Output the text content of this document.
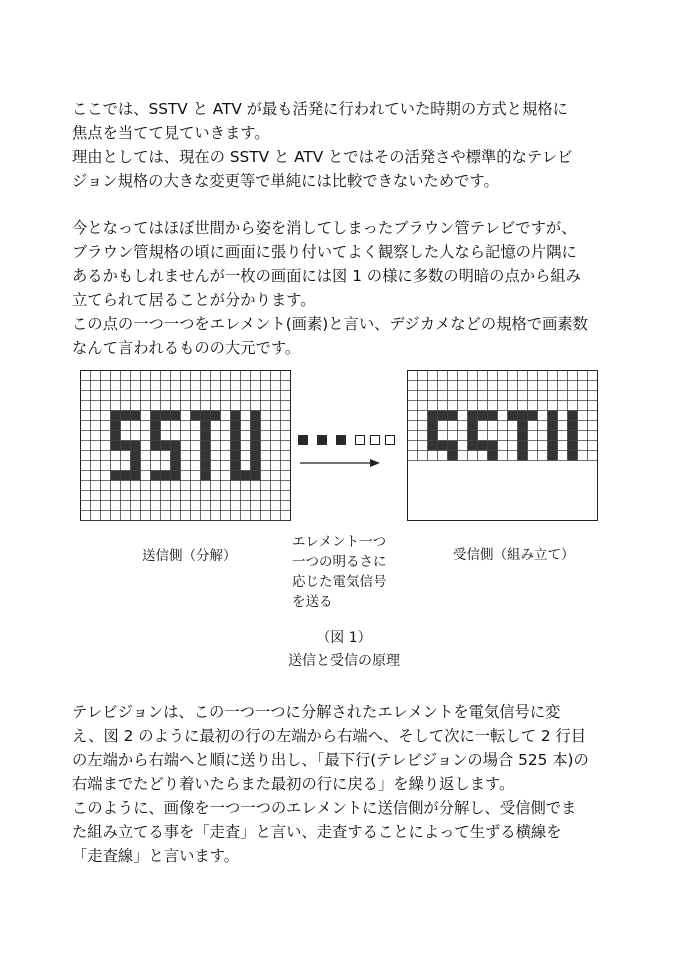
ここでは、SSTV と ATV が最も活発に行われていた時期の方式と規格に
焦点を当てて見ていきます。
理由としては、現在の SSTV と ATV とではその活発さや標準的なテレビ
ジョン規格の大きな変更等で単純には比較できないためです。
今となってはほぼ世間から姿を消してしまったブラウン管テレビですが、
ブラウン管規格の頃に画面に張り付いてよく観察した人なら記憶の片隅に
あるかもしれませんが一枚の画面には図 1 の様に多数の明暗の点から組み
立てられて居ることが分かります。
この点の一つ一つをエレメント(画素)と言い、デジカメなどの規格で画素数
なんて言われるものの大元です。
送信側（分解）
エレメント一つ
一つの明るさに
応じた電気信号
を送る
受信側（組み立て）
（図 1）
送信と受信の原理
テレビジョンは、この一つ一つに分解されたエレメントを電気信号に変
え、図 2 のように最初の行の左端から右端へ、そして次に一転して 2 行目
の左端から右端へと順に送り出し、「最下行(テレビジョンの場合 525 本)の
右端までたどり着いたらまた最初の行に戻る」を繰り返します。
このように、画像を一つ一つのエレメントに送信側が分解し、受信側でま
た組み立てる事を「走査」と言い、走査することによって生ずる横線を
「走査線」と言います。
